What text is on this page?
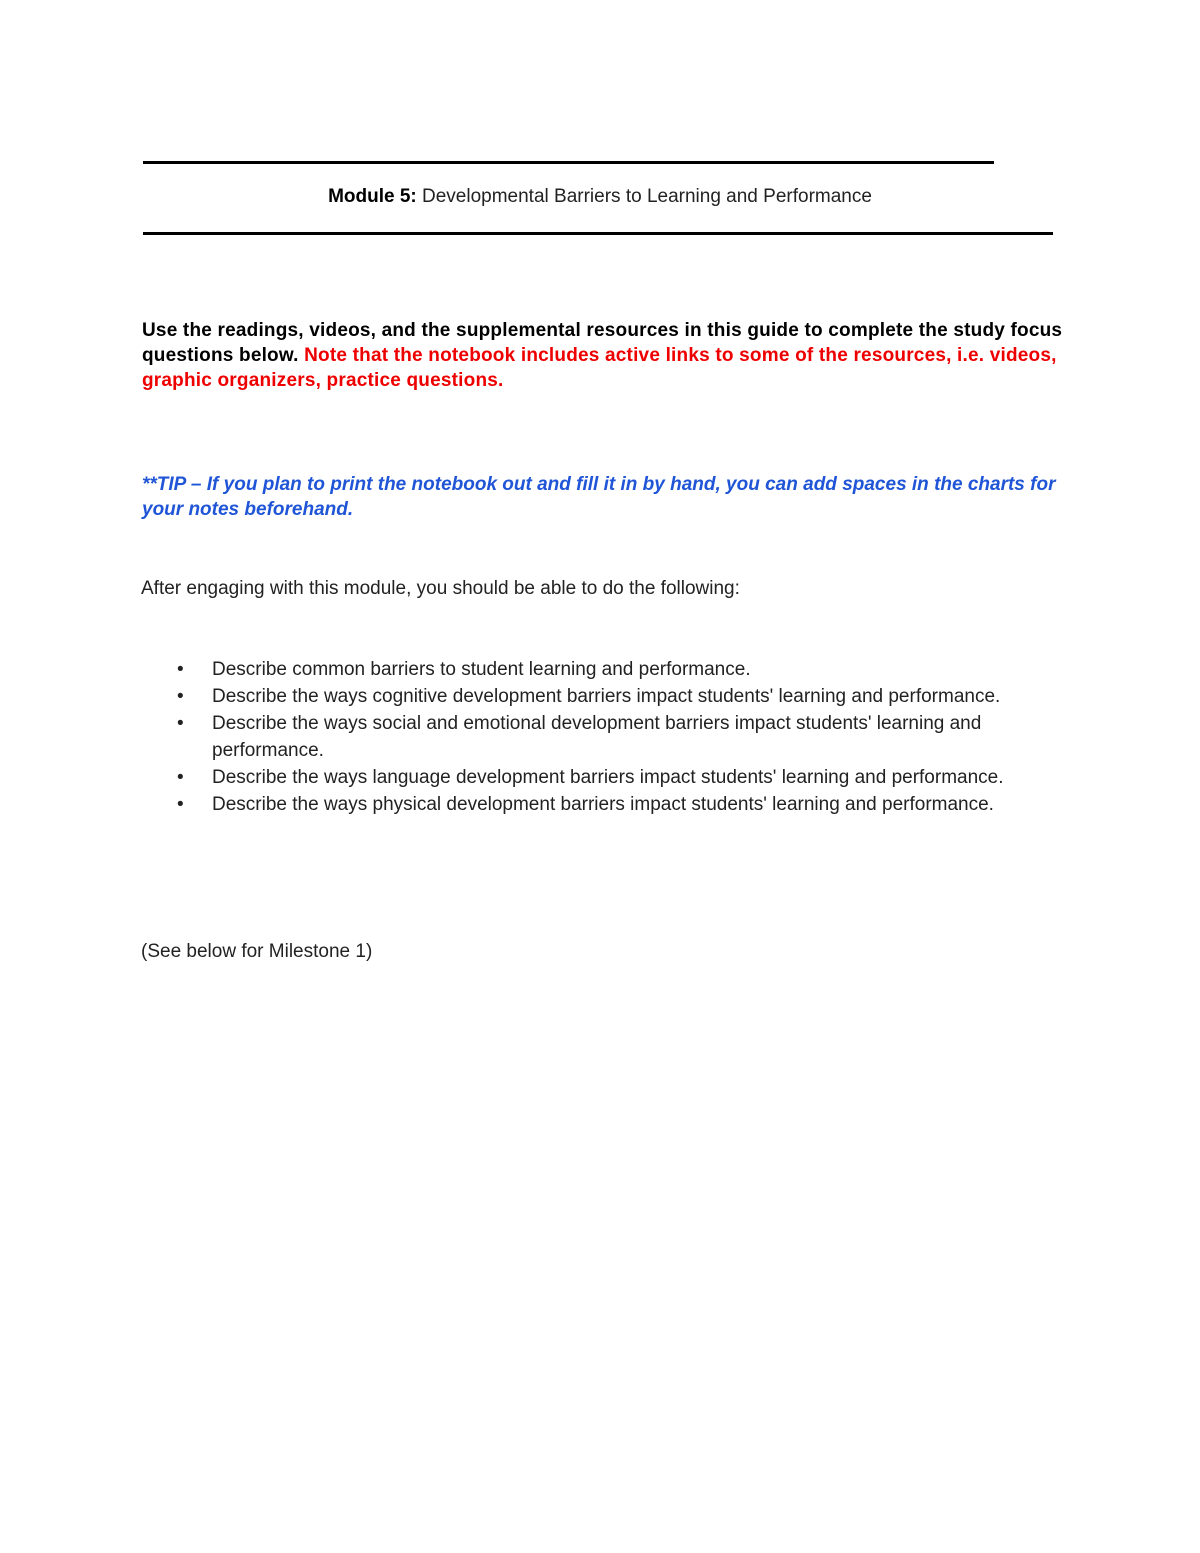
Module 5: Developmental Barriers to Learning and Performance

Use the readings, videos, and the supplemental resources in this guide to complete the study focus questions below. Note that the notebook includes active links to some of the resources, i.e. videos, graphic organizers, practice questions.

**TIP – If you plan to print the notebook out and fill it in by hand, you can add spaces in the charts for your notes beforehand.

After engaging with this module, you should be able to do the following:

• Describe common barriers to student learning and performance.
• Describe the ways cognitive development barriers impact students' learning and performance.
• Describe the ways social and emotional development barriers impact students' learning and performance.
• Describe the ways language development barriers impact students' learning and performance.
• Describe the ways physical development barriers impact students' learning and performance.

(See below for Milestone 1)
